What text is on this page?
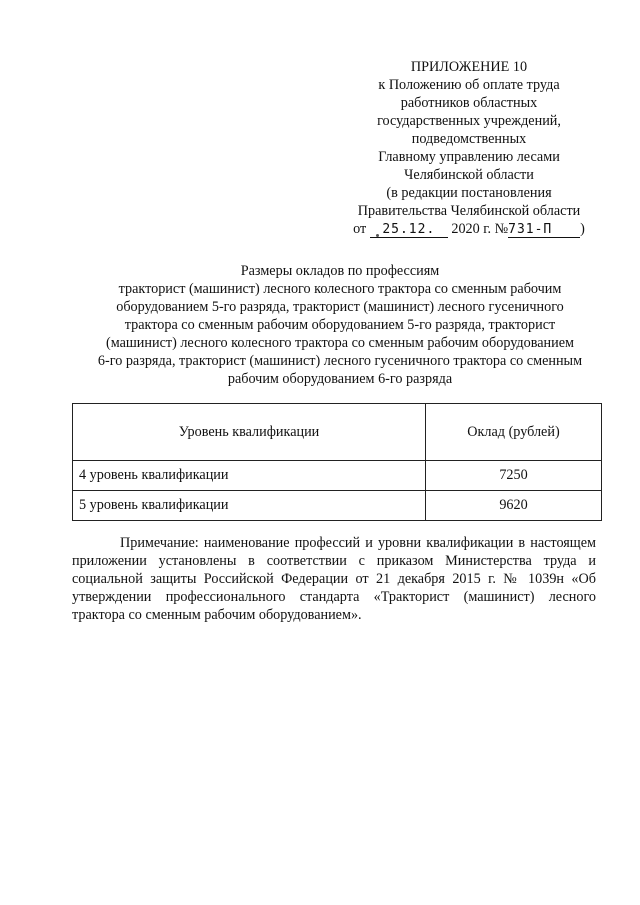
ПРИЛОЖЕНИЕ 10
к Положению об оплате труда
работников областных
государственных учреждений,
подведомственных
Главному управлению лесами
Челябинской области
(в редакции постановления
Правительства Челябинской области
от 25.12. 2020 г. №731-П )
Размеры окладов по профессиям
тракторист (машинист) лесного колесного трактора со сменным рабочим
оборудованием 5-го разряда, тракторист (машинист) лесного гусеничного
трактора со сменным рабочим оборудованием 5-го разряда, тракторист
(машинист) лесного колесного трактора со сменным рабочим оборудованием
6-го разряда, тракторист (машинист) лесного гусеничного трактора со сменным
рабочим оборудованием 6-го разряда
Уровень квалификации	Оклад (рублей)
4 уровень квалификации	7250
5 уровень квалификации	9620
Примечание: наименование профессий и уровни квалификации в настоящем приложении установлены в соответствии с приказом Министерства труда и социальной защиты Российской Федерации от 21 декабря 2015 г. № 1039н «Об утверждении профессионального стандарта «Тракторист (машинист) лесного трактора со сменным рабочим оборудованием».
